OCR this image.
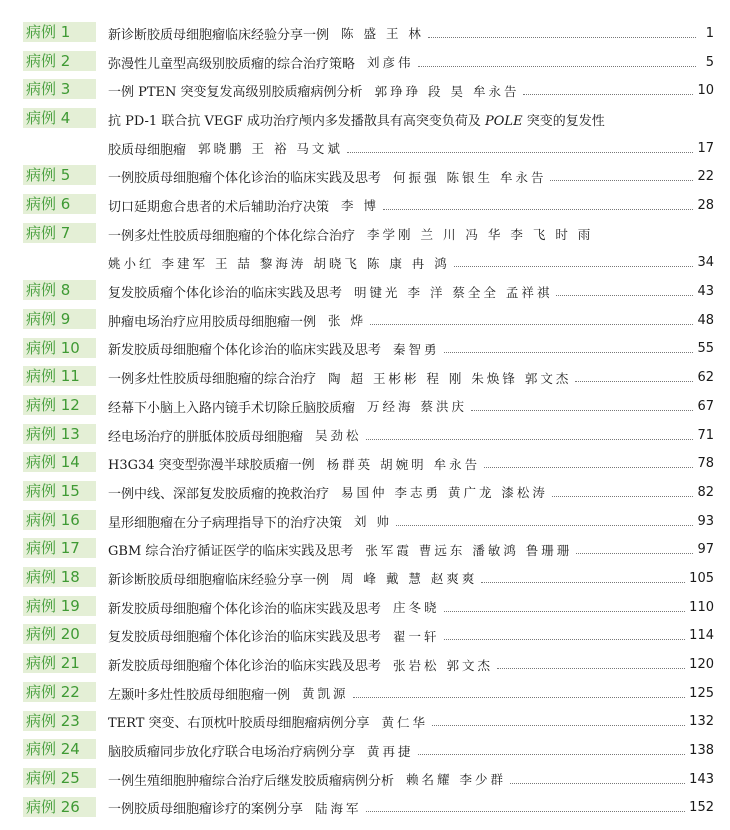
病例 1	新诊断胶质母细胞瘤临床经验分享一例 陈 盛 王 林	1
病例 2	弥漫性儿童型高级别胶质瘤的综合治疗策略 刘彦伟	5
病例 3	一例 PTEN 突变复发高级别胶质瘤病例分析 郭琤琤 段 昊 牟永告	10
病例 4	抗 PD-1 联合抗 VEGF 成功治疗颅内多发播散具有高突变负荷及 POLE 突变的复发性
胶质母细胞瘤 郭晓鹏 王 裕 马文斌	17
病例 5	一例胶质母细胞瘤个体化诊治的临床实践及思考 何振强 陈银生 牟永告	22
病例 6	切口延期愈合患者的术后辅助治疗决策 李 博	28
病例 7	一例多灶性胶质母细胞瘤的个体化综合治疗 李学刚 兰 川 冯 华 李 飞 时 雨
姚小红 李建军 王 喆 黎海涛 胡晓飞 陈 康 冉 鸿	34
病例 8	复发胶质瘤个体化诊治的临床实践及思考 明键光 李 洋 蔡全全 孟祥祺	43
病例 9	肿瘤电场治疗应用胶质母细胞瘤一例 张 烨	48
病例 10	新发胶质母细胞瘤个体化诊治的临床实践及思考 秦智勇	55
病例 11	一例多灶性胶质母细胞瘤的综合治疗 陶 超 王彬彬 程 刚 朱焕锋 郭文杰	62
病例 12	经幕下小脑上入路内镜手术切除丘脑胶质瘤 万经海 蔡洪庆	67
病例 13	经电场治疗的胼胝体胶质母细胞瘤 吴劲松	71
病例 14	H3G34 突变型弥漫半球胶质瘤一例 杨群英 胡婉明 牟永告	78
病例 15	一例中线、深部复发胶质瘤的挽救治疗 易国仲 李志勇 黄广龙 漆松涛	82
病例 16	星形细胞瘤在分子病理指导下的治疗决策 刘 帅	93
病例 17	GBM 综合治疗循证医学的临床实践及思考 张军霞 曹远东 潘敏鸿 鲁珊珊	97
病例 18	新诊断胶质母细胞瘤临床经验分享一例 周 峰 戴 慧 赵爽爽	105
病例 19	新发胶质母细胞瘤个体化诊治的临床实践及思考 庄冬晓	110
病例 20	复发胶质母细胞瘤个体化诊治的临床实践及思考 翟一轩	114
病例 21	新发胶质母细胞瘤个体化诊治的临床实践及思考 张岩松 郭文杰	120
病例 22	左颞叶多灶性胶质母细胞瘤一例 黄凯源	125
病例 23	TERT 突变、右顶枕叶胶质母细胞瘤病例分享 黄仁华	132
病例 24	脑胶质瘤同步放化疗联合电场治疗病例分享 黄再捷	138
病例 25	一例生殖细胞肿瘤综合治疗后继发胶质瘤病例分析 赖名耀 李少群	143
病例 26	一例胶质母细胞瘤诊疗的案例分享 陆海军	152
